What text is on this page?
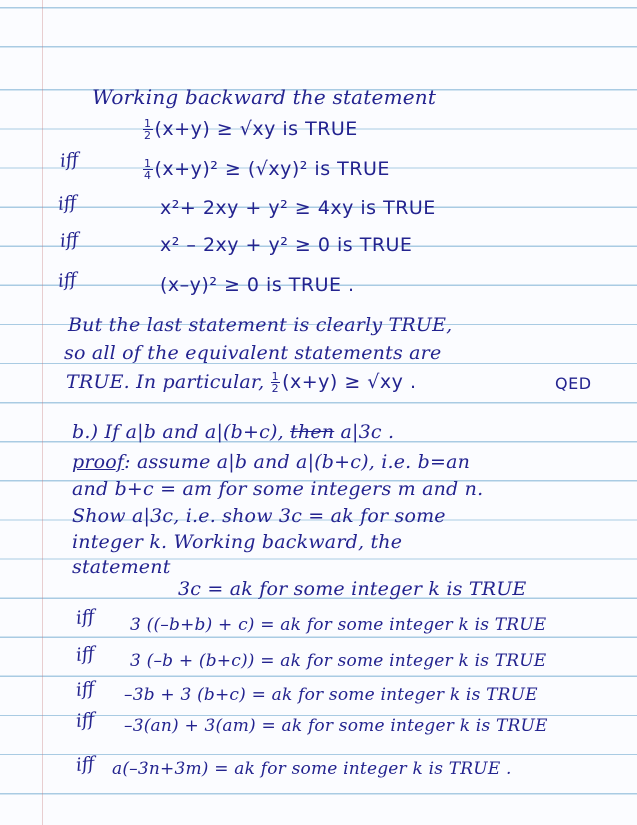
Working backward the statement
$\frac{1}{2} (x+y) \ge √xy$ is TRUE
iff	$\frac{1}{4} (x+y)^2 \ge (√xy)^2$ is TRUE
iff	x²+ 2xy + y² ≥ 4xy is TRUE
iff	x² – 2xy + y² ≥ 0 is TRUE
iff	(x–y)² ≥ 0 is TRUE .
But the last statement is clearly TRUE,
so all of the equivalent statements are
TRUE. In particular, $\frac{1}{2} (x+y) \ge √xy$ .	QED
b.) If a|b and a|(b+c), then a|3c .
proof: assume a|b and a|(b+c), i.e. b=an
and b+c = am for some integers m and n.
Show a|3c, i.e. show 3c = ak for some
integer k. Working backward, the
statement
3c = ak for some integer k is TRUE
iff 3 ((–b+b) + c) = ak for some integer k is TRUE
iff 3 (–b + (b+c)) = ak for some integer k is TRUE
iff –3b + 3 (b+c) = ak for some integer k is TRUE
iff –3(an) + 3(am) = ak for some integer k is TRUE
iff a(–3n+3m) = ak for some integer k is TRUE .
